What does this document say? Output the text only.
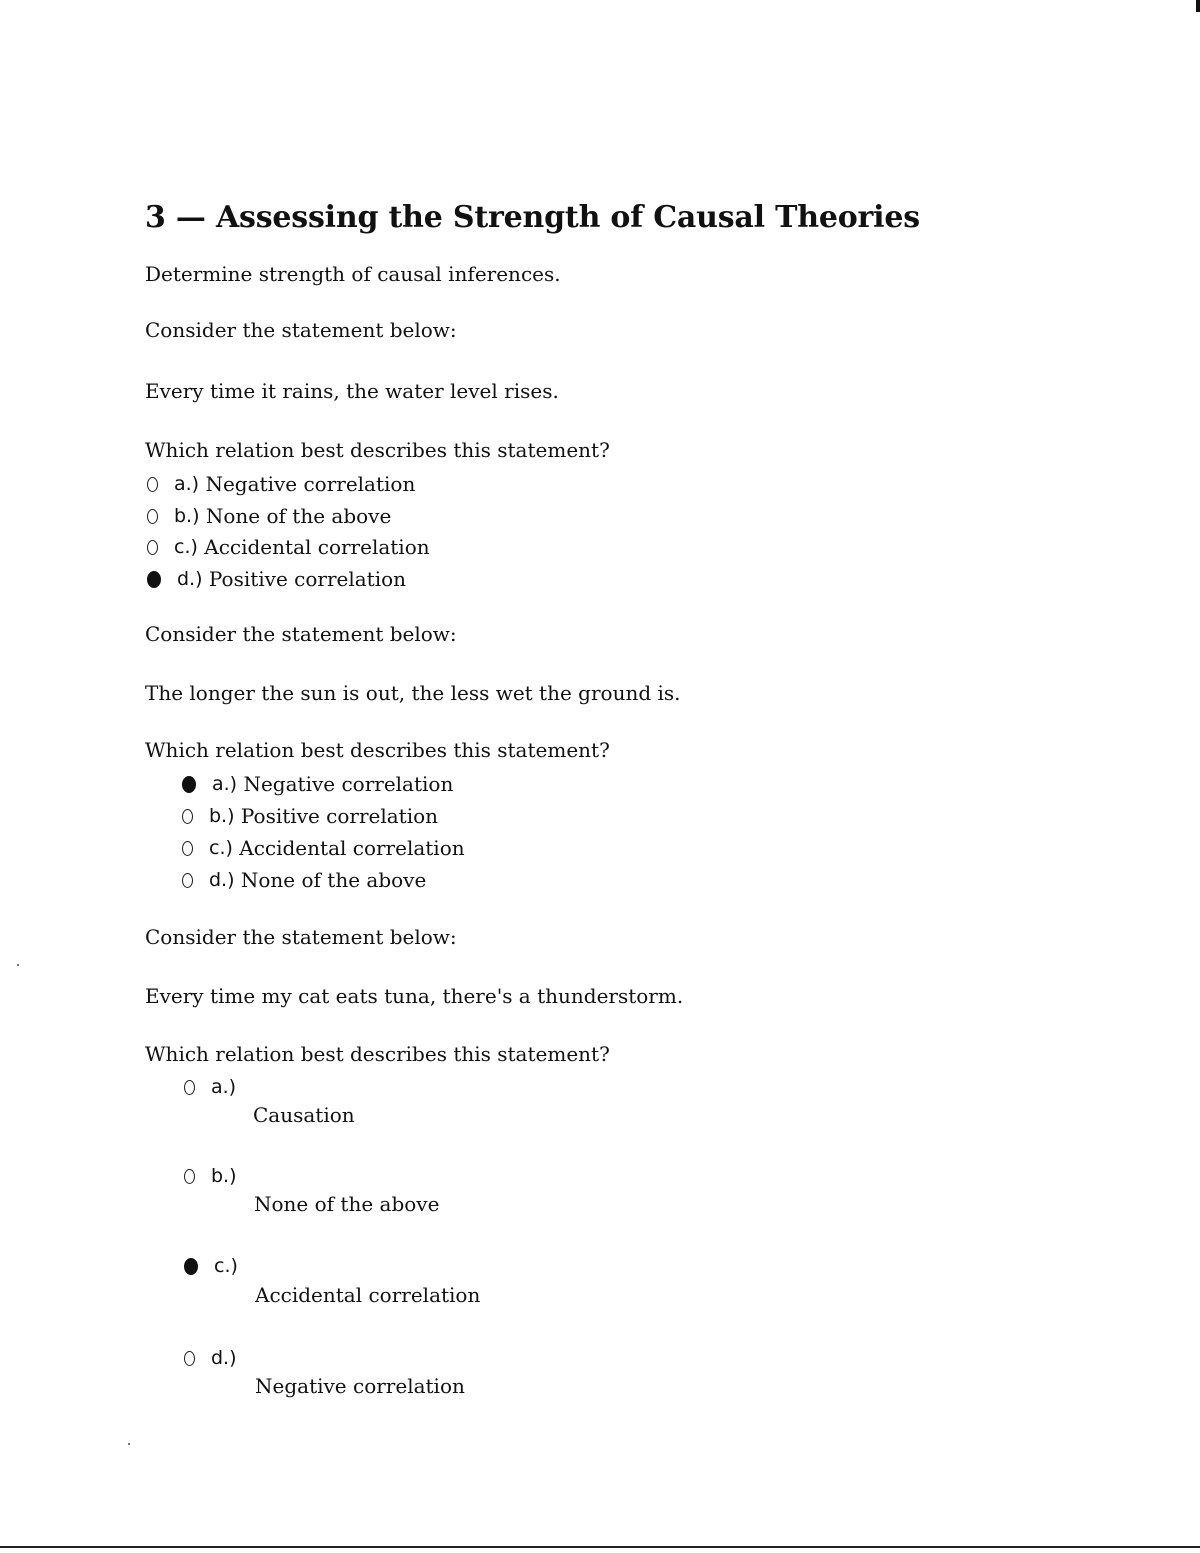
3 — Assessing the Strength of Causal Theories
Determine strength of causal inferences.
Consider the statement below:
Every time it rains, the water level rises.
Which relation best describes this statement?
a.) Negative correlation
b.) None of the above
c.) Accidental correlation
d.) Positive correlation
Consider the statement below:
The longer the sun is out, the less wet the ground is.
Which relation best describes this statement?
a.) Negative correlation
b.) Positive correlation
c.) Accidental correlation
d.) None of the above
Consider the statement below:
Every time my cat eats tuna, there's a thunderstorm.
Which relation best describes this statement?
a.)
Causation
b.)
None of the above
c.)
Accidental correlation
d.)
Negative correlation
